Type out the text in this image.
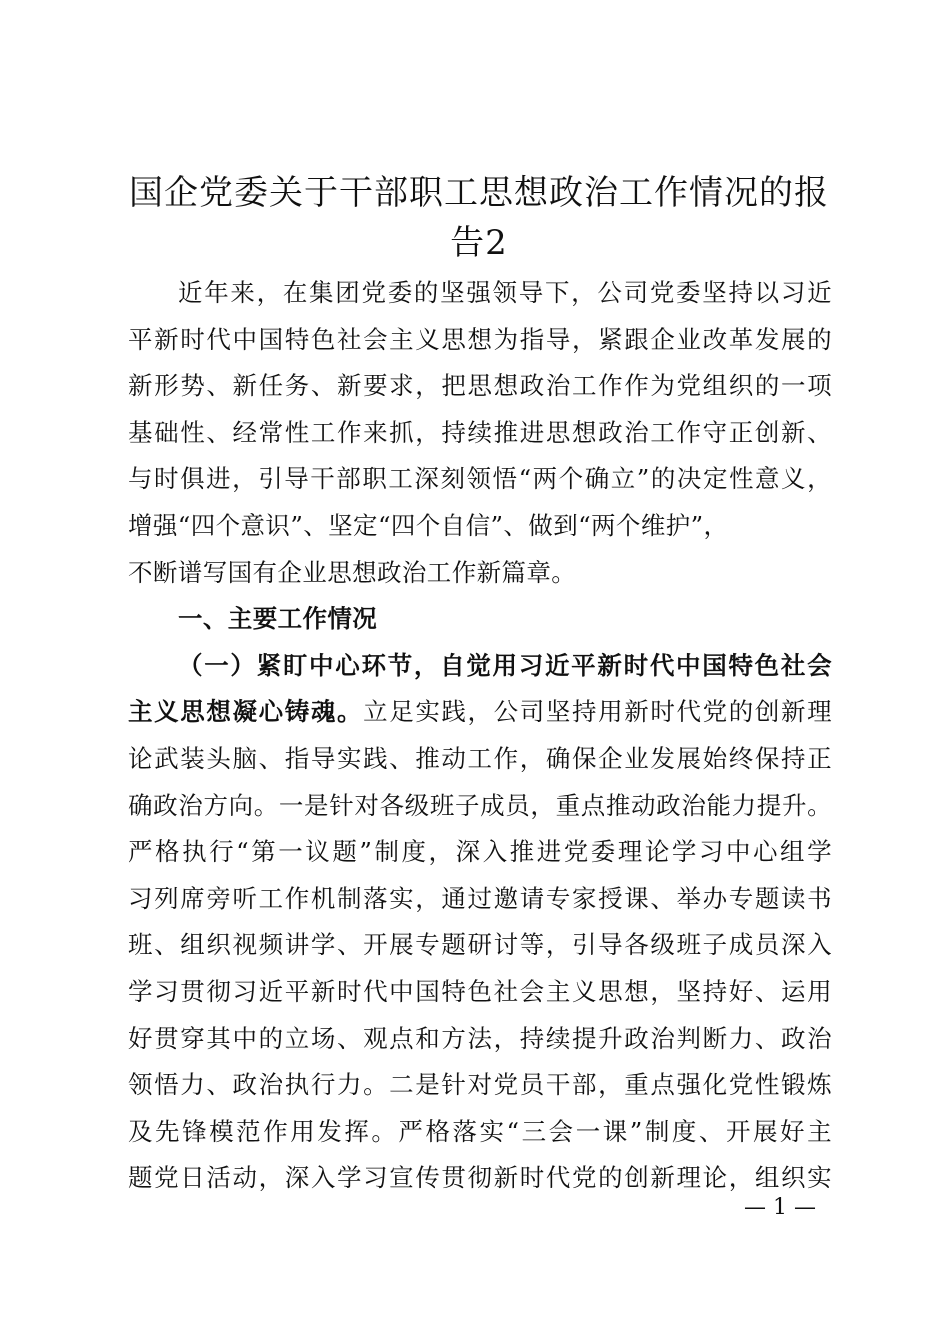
国企党委关于干部职工思想政治工作情况的报
告2
近年来，在集团党委的坚强领导下，公司党委坚持以习近
平新时代中国特色社会主义思想为指导，紧跟企业改革发展的
新形势、新任务、新要求，把思想政治工作作为党组织的一项
基础性、经常性工作来抓，持续推进思想政治工作守正创新、
与时俱进，引导干部职工深刻领悟“两个确立”的决定性意义，
增强“四个意识”、坚定“四个自信”、做到“两个维护”，
不断谱写国有企业思想政治工作新篇章。
一、主要工作情况
（一）紧盯中心环节，自觉用习近平新时代中国特色社会
主义思想凝心铸魂。立足实践，公司坚持用新时代党的创新理
论武装头脑、指导实践、推动工作，确保企业发展始终保持正
确政治方向。一是针对各级班子成员，重点推动政治能力提升。
严格执行“第一议题”制度，深入推进党委理论学习中心组学
习列席旁听工作机制落实，通过邀请专家授课、举办专题读书
班、组织视频讲学、开展专题研讨等，引导各级班子成员深入
学习贯彻习近平新时代中国特色社会主义思想，坚持好、运用
好贯穿其中的立场、观点和方法，持续提升政治判断力、政治
领悟力、政治执行力。二是针对党员干部，重点强化党性锻炼
及先锋模范作用发挥。严格落实“三会一课”制度、开展好主
题党日活动，深入学习宣传贯彻新时代党的创新理论，组织实
— 1 —
